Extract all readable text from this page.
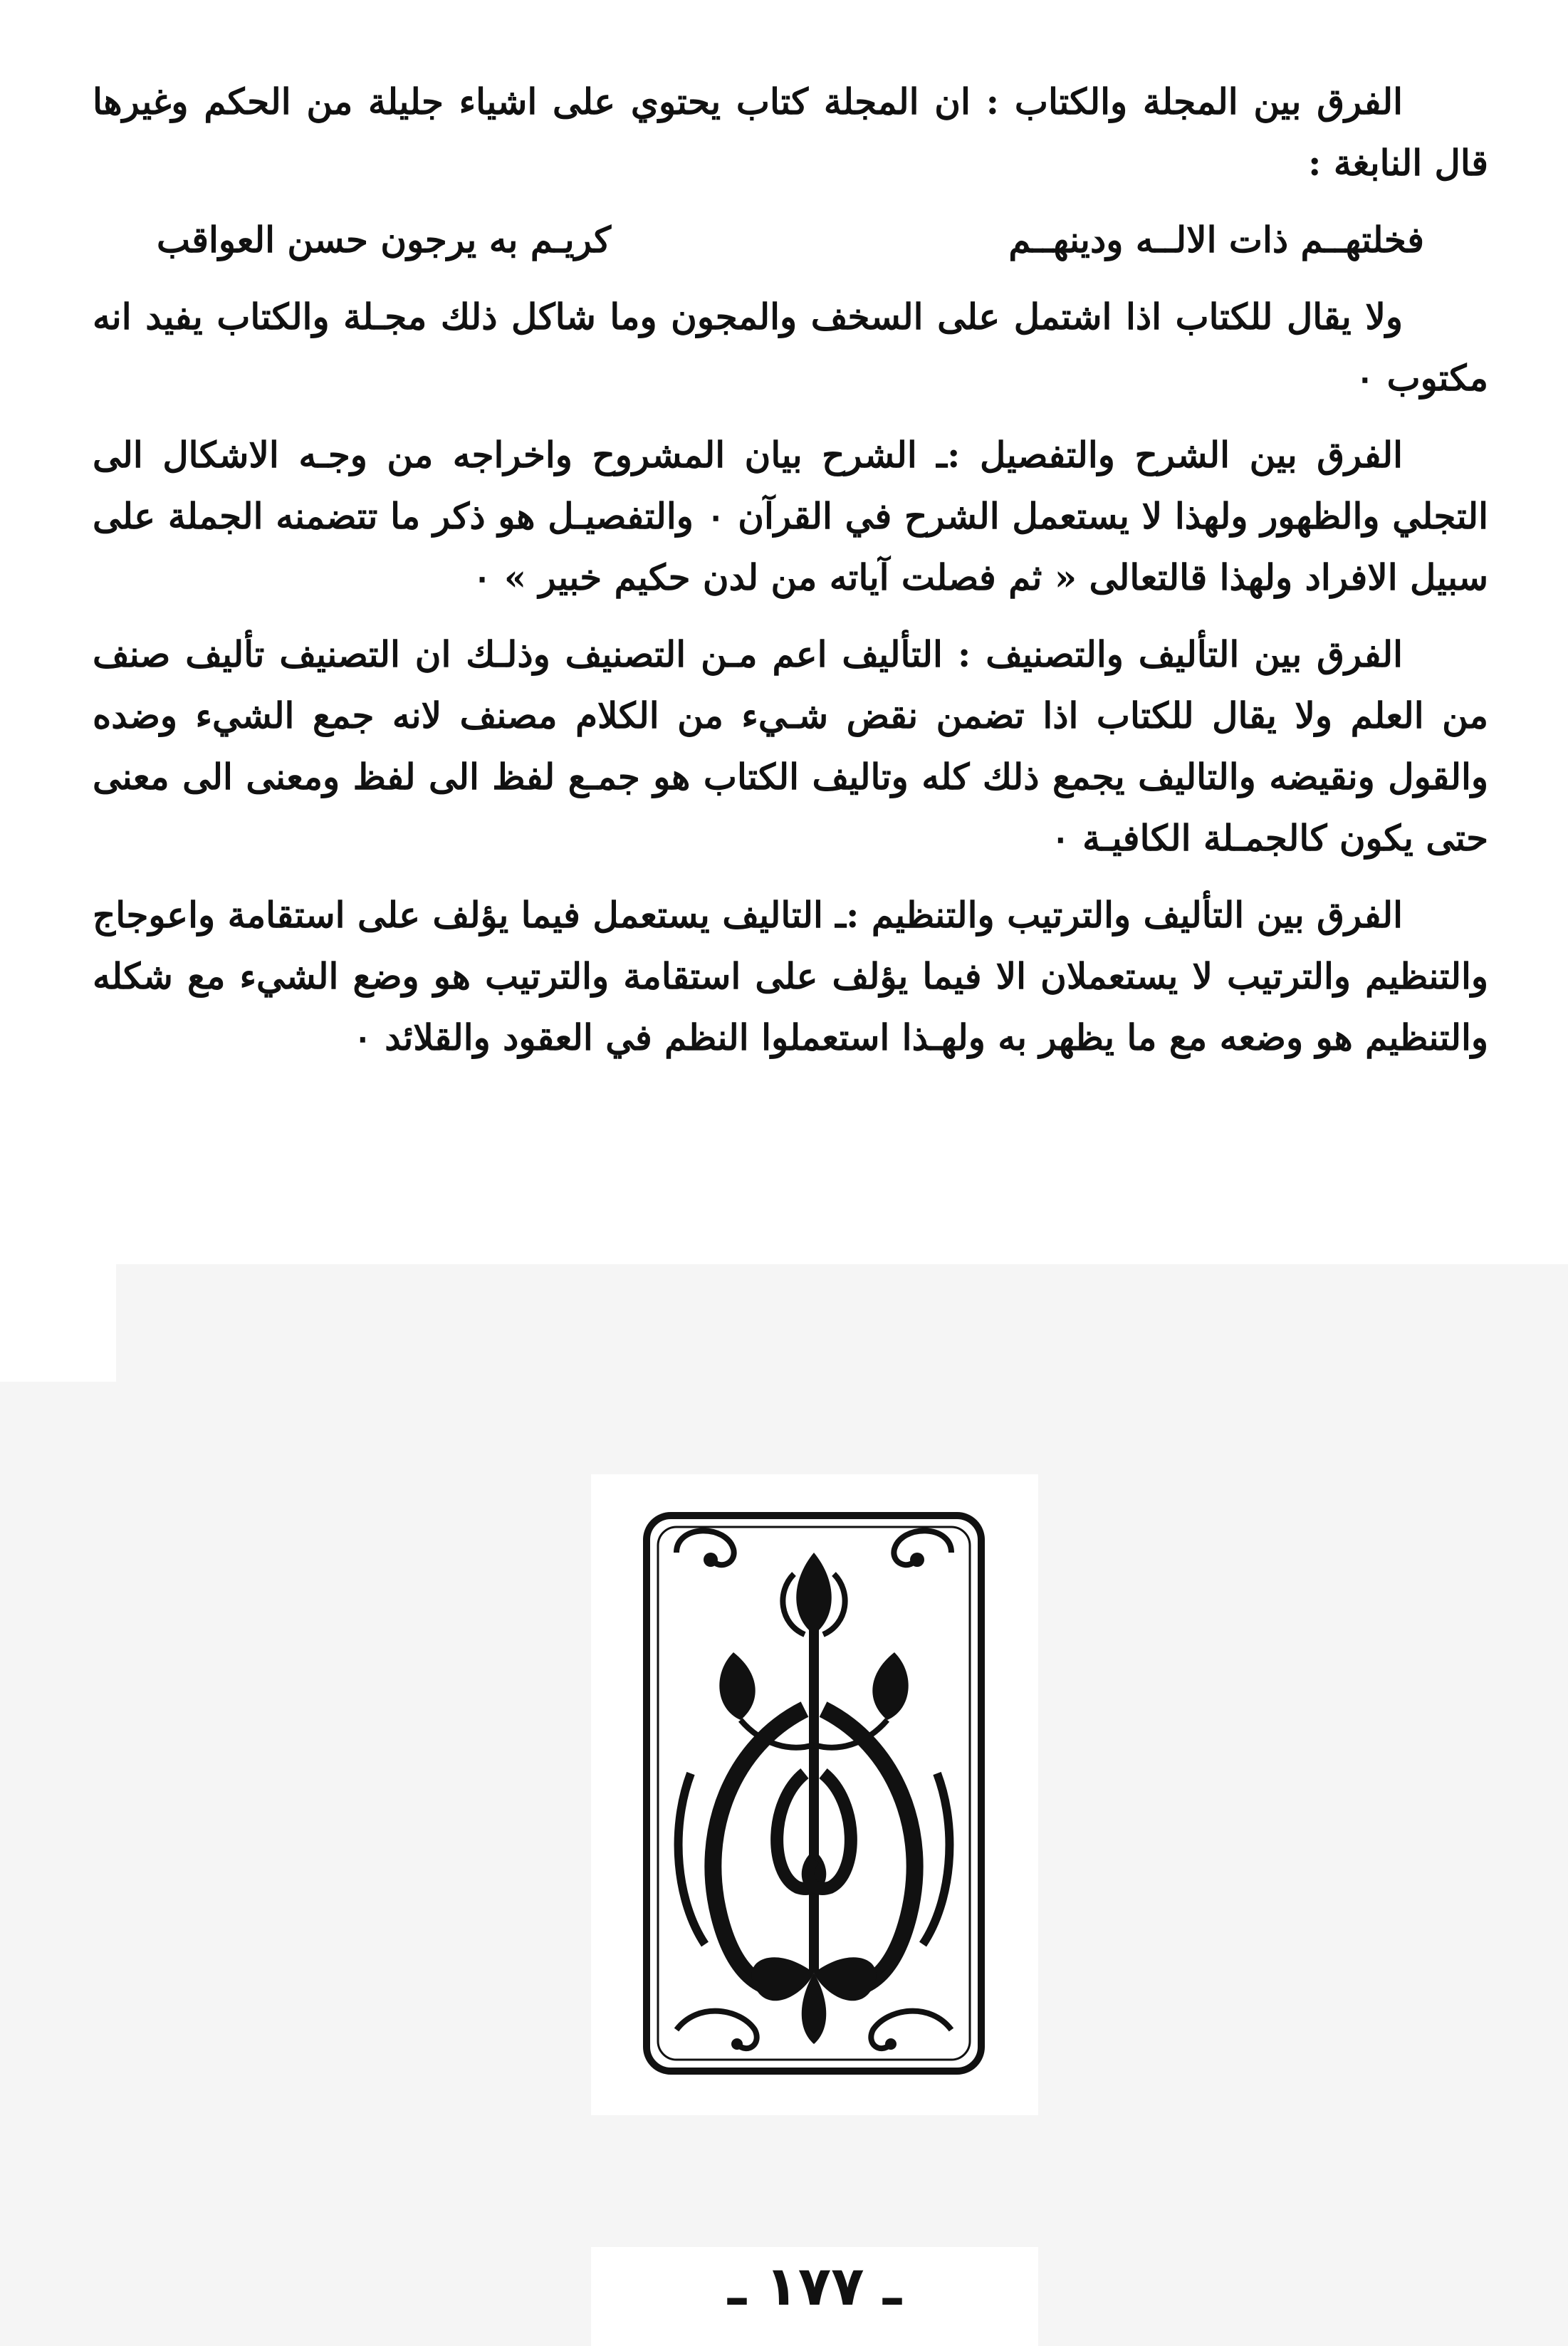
الفرق بين المجلة والكتاب : ان المجلة كتاب يحتوي على اشياء جليلة من الحكم وغيرها قال النابغة :

فخلتهــم ذات الالــه ودينهــم
كريـم به يرجون حسن العواقب

ولا يقال للكتاب اذا اشتمل على السخف والمجون وما شاكل ذلك مجـلة والكتاب يفيد انه مكتوب ٠

الفرق بين الشرح والتفصيل :ـ الشرح بيان المشروح واخراجه من وجـه الاشكال الى التجلي والظهور ولهذا لا يستعمل الشرح في القرآن ٠ والتفصيـل هو ذكر ما تتضمنه الجملة على سبيل الافراد ولهذا قالتعالى « ثم فصلت آياته من لدن حكيم خبير » ٠

الفرق بين التأليف والتصنيف : التأليف اعم مـن التصنيف وذلـك ان التصنيف تأليف صنف من العلم ولا يقال للكتاب اذا تضمن نقض شـيء من الكلام مصنف لانه جمع الشيء وضده والقول ونقيضه والتاليف يجمع ذلك كله وتاليف الكتاب هو جمـع لفظ الى لفظ ومعنى الى معنى حتى يكون كالجمـلة الكافيـة ٠

الفرق بين التأليف والترتيب والتنظيم :ـ التاليف يستعمل فيما يؤلف على استقامة واعوجاج والتنظيم والترتيب لا يستعملان الا فيما يؤلف على استقامة والترتيب هو وضع الشيء مع شكله والتنظيم هو وضعه مع ما يظهر به ولهـذا استعملوا النظم في العقود والقلائد ٠

ـ ١٧٧ ـ
